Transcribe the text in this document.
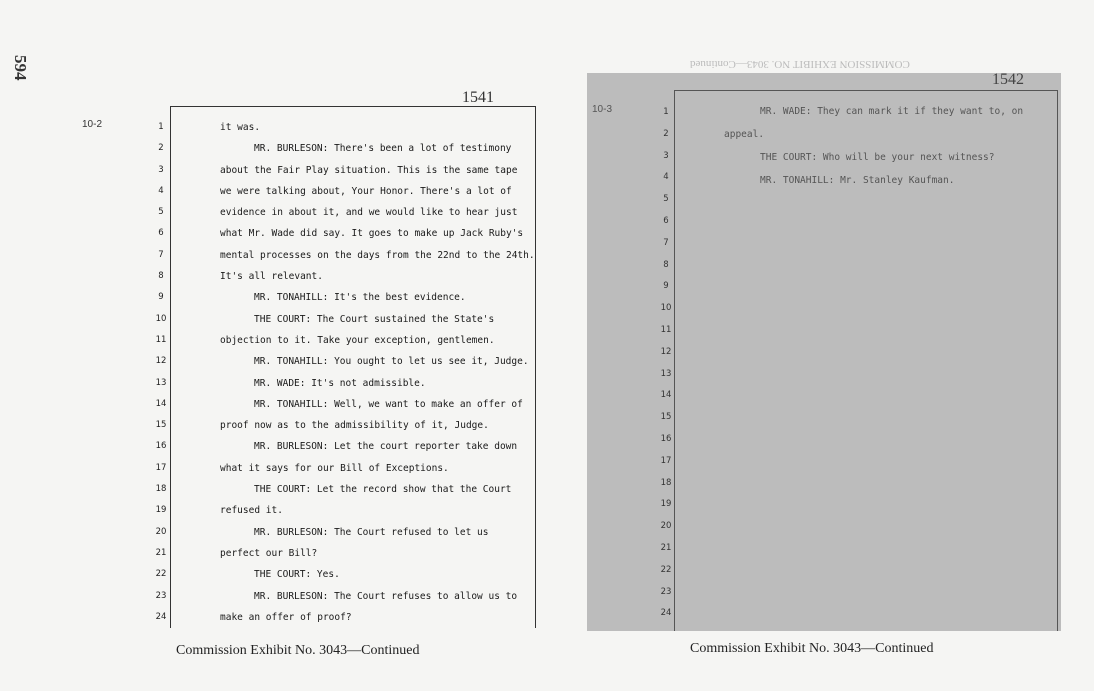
594
10-2
1541
1
2
3
4
5
6
7
8
9
10
11
12
13
14
15
16
17
18
19
20
21
22
23
24
it was.
MR. BURLESON: There's been a lot of testimony
about the Fair Play situation. This is the same tape
we were talking about, Your Honor. There's a lot of
evidence in about it, and we would like to hear just
what Mr. Wade did say. It goes to make up Jack Ruby's
mental processes on the days from the 22nd to the 24th.
It's all relevant.
MR. TONAHILL: It's the best evidence.
THE COURT: The Court sustained the State's
objection to it. Take your exception, gentlemen.
MR. TONAHILL: You ought to let us see it, Judge.
MR. WADE: It's not admissible.
MR. TONAHILL: Well, we want to make an offer of
proof now as to the admissibility of it, Judge.
MR. BURLESON: Let the court reporter take down
what it says for our Bill of Exceptions.
THE COURT: Let the record show that the Court
refused it.
MR. BURLESON: The Court refused to let us
perfect our Bill?
THE COURT: Yes.
MR. BURLESON: The Court refuses to allow us to
make an offer of proof?
Commission Exhibit No. 3043—Continued
COMMISSION EXHIBIT NO. 3043—Continued
1542
10-3	1
2
3
4
5
6
7
8
9
10
11
12
13
14
15
16
17
18
19
20
21
22
23
24
MR. WADE: They can mark it if they want to, on
appeal.
THE COURT: Who will be your next witness?
MR. TONAHILL: Mr. Stanley Kaufman.
Commission Exhibit No. 3043—Continued
